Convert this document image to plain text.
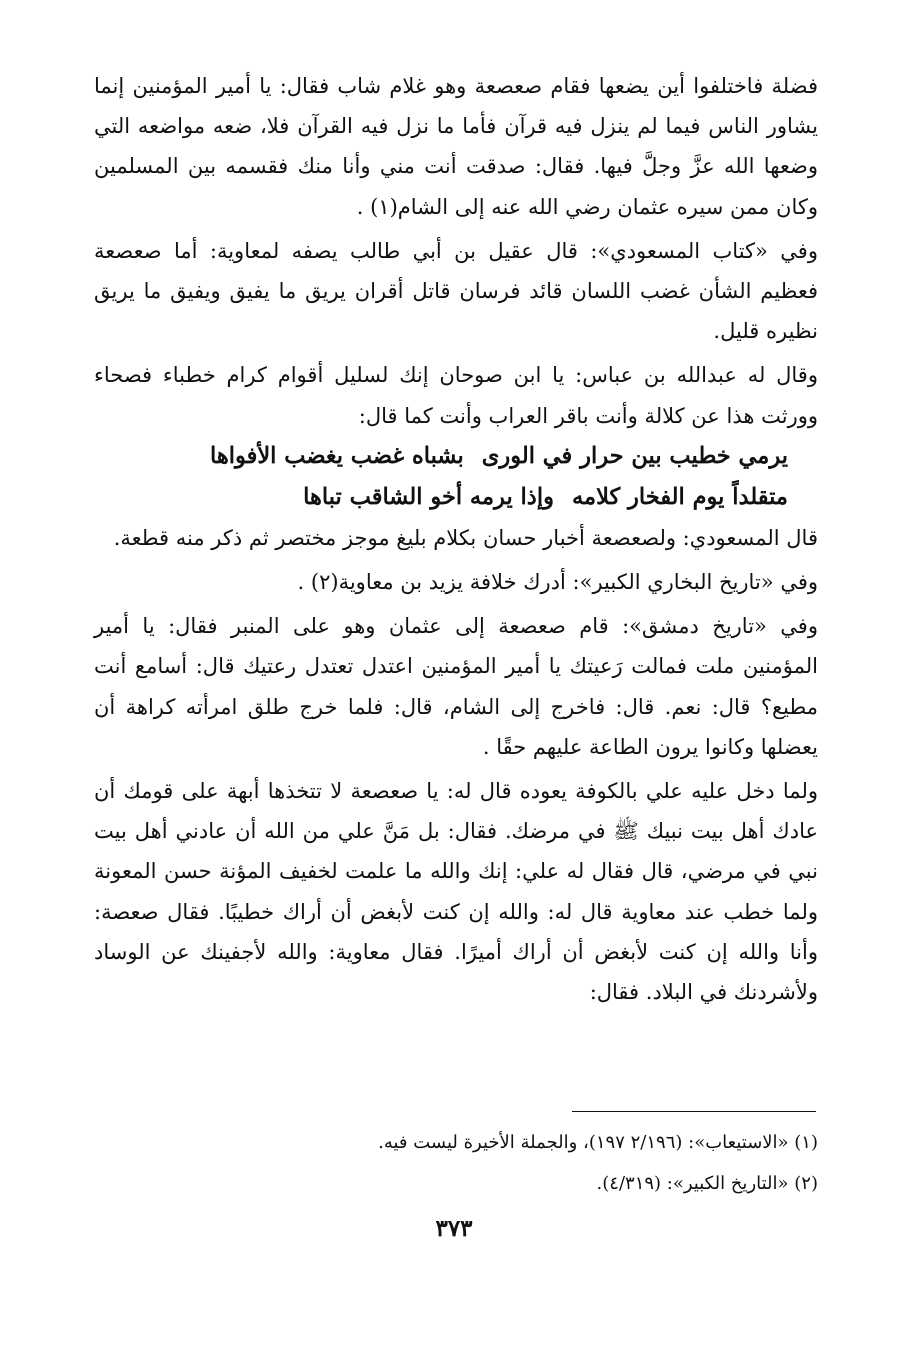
فضلة فاختلفوا أين يضعها فقام صعصعة وهو غلام شاب فقال: يا أمير المؤمنين إنما يشاور الناس فيما لم ينزل فيه قرآن فأما ما نزل فيه القرآن فلا، ضعه مواضعه التي وضعها الله عزَّ وجلَّ فيها. فقال: صدقت أنت مني وأنا منك فقسمه بين المسلمين وكان ممن سيره عثمان رضي الله عنه إلى الشام(١) .

وفي «كتاب المسعودي»: قال عقيل بن أبي طالب يصفه لمعاوية: أما صعصعة فعظيم الشأن غضب اللسان قائد فرسان قاتل أقران يريق ما يفيق ويفيق ما يريق نظيره قليل.

وقال له عبدالله بن عباس: يا ابن صوحان إنك لسليل أقوام كرام خطباء فصحاء وورثت هذا عن كلالة وأنت باقر العراب وأنت كما قال:

يرمي خطيب بين حرار في الورى
بشباه غضب يغضب الأفواها
متقلداً يوم الفخار كلامه
وإذا يرمه أخو الشاقب تباها

قال المسعودي: ولصعصعة أخبار حسان بكلام بليغ موجز مختصر ثم ذكر منه قطعة.

وفي «تاريخ البخاري الكبير»: أدرك خلافة يزيد بن معاوية(٢) .

وفي «تاريخ دمشق»: قام صعصعة إلى عثمان وهو على المنبر فقال: يا أمير المؤمنين ملت فمالت رَعيتك يا أمير المؤمنين اعتدل تعتدل رعتيك قال: أسامع أنت مطيع؟ قال: نعم. قال: فاخرج إلى الشام، قال: فلما خرج طلق امرأته كراهة أن يعضلها وكانوا يرون الطاعة عليهم حقًا .

ولما دخل عليه علي بالكوفة يعوده قال له: يا صعصعة لا تتخذها أبهة على قومك أن عادك أهل بيت نبيك ﷺ في مرضك. فقال: بل مَنَّ علي من الله أن عادني أهل بيت نبي في مرضي، قال فقال له علي: إنك والله ما علمت لخفيف المؤنة حسن المعونة ولما خطب عند معاوية قال له: والله إن كنت لأبغض أن أراك خطيبًا. فقال صعصة: وأنا والله إن كنت لأبغض أن أراك أميرًا. فقال معاوية: والله لأجفينك عن الوساد ولأشردنك في البلاد. فقال:

(١) «الاستيعاب»: (٢/١٩٦ ١٩٧)، والجملة الأخيرة ليست فيه.

(٢) «التاريخ الكبير»: (٤/٣١٩).

٣٧٣
